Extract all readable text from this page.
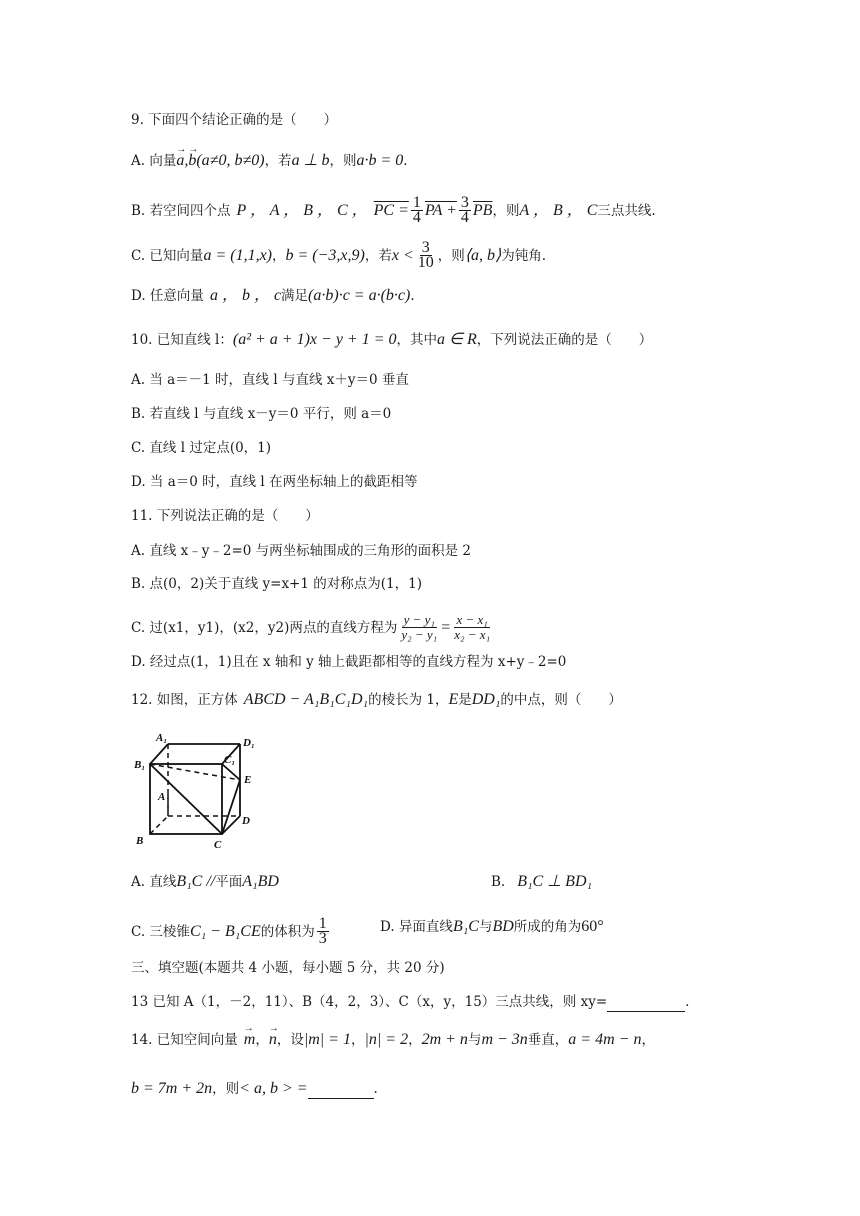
9. 下面四个结论正确的是（　　）
A. 向量 → a,→ b (a≠0, b≠0) ，若 a ⊥ b ，则 a·b = 0 .
B. 若空间四个点 P ， A ， B ， C ， PC = $\frac{1}{4}$ PA + $\frac{3}{4} \overline{PB}$ ，则 A ， B ， C 三点共线.
C. 已知向量 a = (1,1,x) ， b = (−3,x,9) ，若 $x < \frac{3}{10}$ ，则 ⟨a, b⟩ 为钝角.
D. 任意向量 a ， b ， c 满足 (a·b)·c = a·(b·c) .
10. 已知直线 l： (a² + a + 1)x − y + 1 = 0 ，其中 a ∈ R ，下列说法正确的是（　　）
A. 当 a＝－1 时，直线 l 与直线 x＋y＝0 垂直
B. 若直线 l 与直线 x－y＝0 平行，则 a＝0
C. 直线 l 过定点(0，1)
D. 当 a＝0 时，直线 l 在两坐标轴上的截距相等
11. 下列说法正确的是（　　）
A. 直线 x﹣y﹣2=0 与两坐标轴围成的三角形的面积是 2
B. 点(0，2)关于直线 y=x+1 的对称点为(1，1)
C. 过(x1，y1)，(x2，y2)两点的直线方程为 $\frac{\text{y − y₁}}{\text{y₂ − y₁}} = \frac{\text{x − x₁}}{\text{x₂ − x₁}}$
D. 经过点(1，1)且在 x 轴和 y 轴上截距都相等的直线方程为 x+y﹣2=0
12. 如图，正方体 ABCD − A₁B₁C₁D₁ 的棱长为 1， E 是 DD₁ 的中点，则（　　）
A₁	D₁
B₁	C₁
E
A
D
B	C
A. 直线 B₁C // 平面 A₁BD	B. B₁C ⊥ BD₁
C. 三棱锥 C₁ − B₁CE 的体积为 $\frac{1}{3}$	D. 异面直线 B₁C 与 BD 所成的角为 60°
三、填空题(本题共 4 小题，每小题 5 分，共 20 分)
13 已知 A（1，－2，11）、B（4，2，3）、C（x，y，15）三点共线，则 xy=
	.
14. 已知空间向量 → m ， → n ，设 |m| = 1 ， |n| = 2 ， 2m + n 与 m − 3n 垂直， a = 4m − n ，
b = 7m + 2n ，则 < a, b > =
	.
